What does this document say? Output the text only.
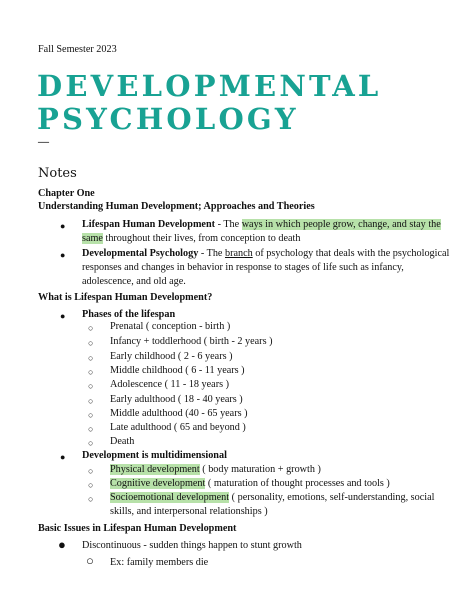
Fall Semester 2023
DEVELOPMENTAL
PSYCHOLOGY
—
Notes
Chapter One
Understanding Human Development; Approaches and Theories
● Lifespan Human Development - The ways in which people grow, change, and stay the
same throughout their lives, from conception to death
● Developmental Psychology - The branch of psychology that deals with the psychological
responses and changes in behavior in response to stages of life such as infancy,
adolescence, and old age.
What is Lifespan Human Development?
● Phases of the lifespan
○ Prenatal ( conception - birth )
○ Infancy + toddlerhood ( birth - 2 years )
○ Early childhood ( 2 - 6 years )
○ Middle childhood ( 6 - 11 years )
○ Adolescence ( 11 - 18 years )
○ Early adulthood ( 18 - 40 years )
○ Middle adulthood (40 - 65 years )
○ Late adulthood ( 65 and beyond )
○ Death
● Development is multidimensional
○ Physical development ( body maturation + growth )
○ Cognitive development ( maturation of thought processes and tools )
○ Socioemotional development ( personality, emotions, self-understanding, social
skills, and interpersonal relationships )
Basic Issues in Lifespan Human Development
● Discontinuous - sudden things happen to stunt growth
○ Ex: family members die
